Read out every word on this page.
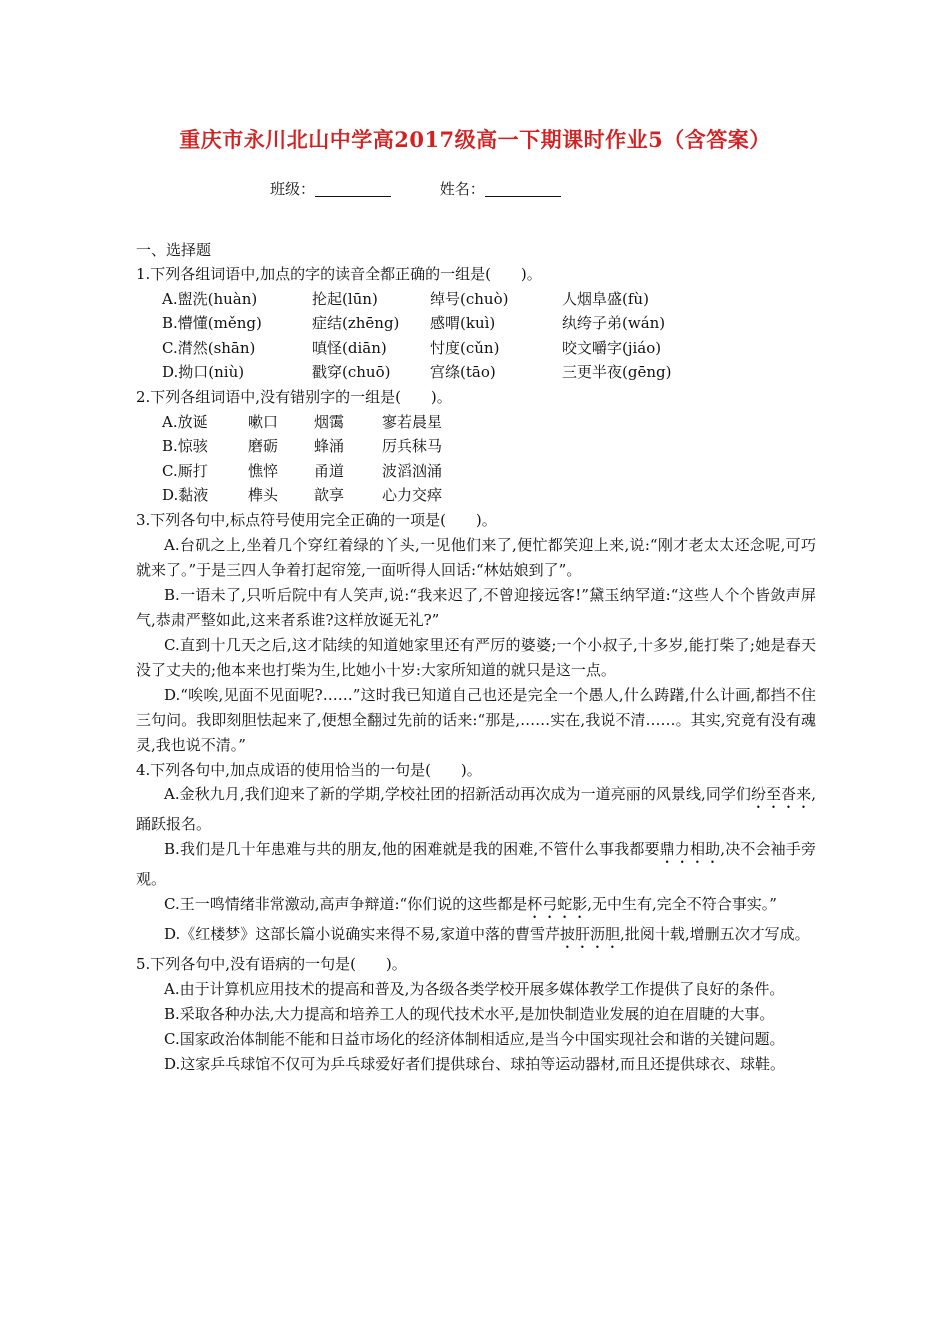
重庆市永川北山中学高2017级高一下期课时作业5（含答案）
班级：	姓名：
一、选择题
1.下列各组词语中,加点的字的读音全都正确的一组是(　　)。
A.盥洗(huàn)	抡起(lūn)	绰号(chuò)	人烟阜盛(fù)
B.懵懂(měng)	症结(zhēng)	感喟(kuì)	纨绔子弟(wán)
C.潸然(shān)	嗔怪(diān)	忖度(cǔn)	咬文嚼字(jiáo)
D.拗口(niù)	戳穿(chuō)	宫绦(tāo)	三更半夜(gēng)
2.下列各组词语中,没有错别字的一组是(　　)。
A.放诞	嗽口	烟霭	寥若晨星
B.惊骇	磨砺	蜂涌	厉兵秣马
C.厮打	憔悴	甬道	波滔汹涌
D.黏液	榫头	歆享	心力交瘁
3.下列各句中,标点符号使用完全正确的一项是(　　)。
A.台矶之上,坐着几个穿红着绿的丫头,一见他们来了,便忙都笑迎上来,说:“刚才老太太还念呢,可巧就来了。”于是三四人争着打起帘笼,一面听得人回话:“林姑娘到了”。
B.一语未了,只听后院中有人笑声,说:“我来迟了,不曾迎接远客!”黛玉纳罕道:“这些人个个皆敛声屏气,恭肃严整如此,这来者系谁?这样放诞无礼?”
C.直到十几天之后,这才陆续的知道她家里还有严厉的婆婆;一个小叔子,十多岁,能打柴了;她是春天没了丈夫的;他本来也打柴为生,比她小十岁:大家所知道的就只是这一点。
D.“唉唉,见面不见面呢?……”这时我已知道自己也还是完全一个愚人,什么踌躇,什么计画,都挡不住三句问。我即刻胆怯起来了,便想全翻过先前的话来:“那是,……实在,我说不清……。其实,究竟有没有魂灵,我也说不清。”
4.下列各句中,加点成语的使用恰当的一句是(　　)。
A.金秋九月,我们迎来了新的学期,学校社团的招新活动再次成为一道亮丽的风景线,同学们纷至沓来,踊跃报名。
B.我们是几十年患难与共的朋友,他的困难就是我的困难,不管什么事我都要鼎力相助,决不会袖手旁观。
C.王一鸣情绪非常激动,高声争辩道:“你们说的这些都是杯弓蛇影,无中生有,完全不符合事实。”
D.《红楼梦》这部长篇小说确实来得不易,家道中落的曹雪芹披肝沥胆,批阅十载,增删五次才写成。
5.下列各句中,没有语病的一句是(　　)。
A.由于计算机应用技术的提高和普及,为各级各类学校开展多媒体教学工作提供了良好的条件。
B.采取各种办法,大力提高和培养工人的现代技术水平,是加快制造业发展的迫在眉睫的大事。
C.国家政治体制能不能和日益市场化的经济体制相适应,是当今中国实现社会和谐的关键问题。
D.这家乒乓球馆不仅可为乒乓球爱好者们提供球台、球拍等运动器材,而且还提供球衣、球鞋。
